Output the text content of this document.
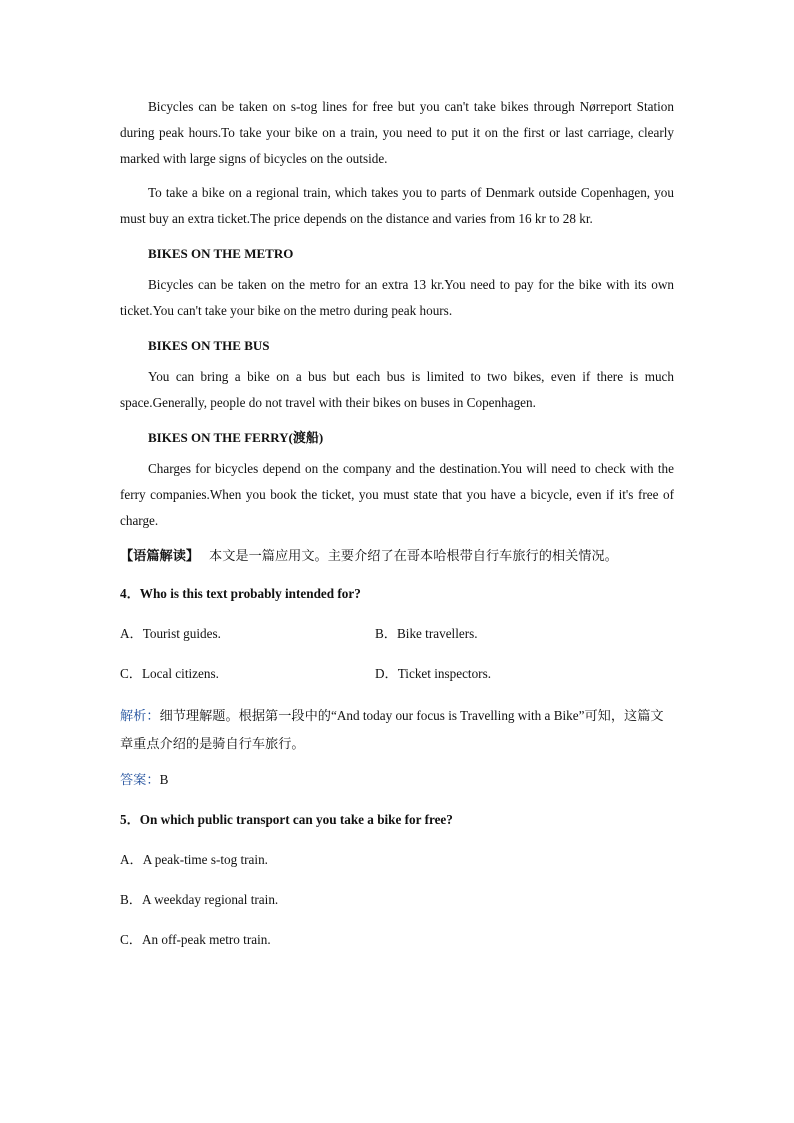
Bicycles can be taken on s-tog lines for free but you can't take bikes through Nørreport Station during peak hours.To take your bike on a train, you need to put it on the first or last carriage, clearly marked with large signs of bicycles on the outside.

To take a bike on a regional train, which takes you to parts of Denmark outside Copenhagen, you must buy an extra ticket.The price depends on the distance and varies from 16 kr to 28 kr.

BIKES ON THE METRO

Bicycles can be taken on the metro for an extra 13 kr.You need to pay for the bike with its own ticket.You can't take your bike on the metro during peak hours.

BIKES ON THE BUS

You can bring a bike on a bus but each bus is limited to two bikes, even if there is much space.Generally, people do not travel with their bikes on buses in Copenhagen.

BIKES ON THE FERRY(渡船)

Charges for bicycles depend on the company and the destination.You will need to check with the ferry companies.When you book the ticket, you must state that you have a bicycle, even if it's free of charge.

【语篇解读】 本文是一篇应用文。主要介绍了在哥本哈根带自行车旅行的相关情况。

4．Who is this text probably intended for?

A．Tourist guides.	B．Bike travellers.
C．Local citizens.	D．Ticket inspectors.

解析：细节理解题。根据第一段中的“And today our focus is Travelling with a Bike”可知，这篇文章重点介绍的是骑自行车旅行。

答案：B

5．On which public transport can you take a bike for free?

A．A peak-time s-tog train.

B．A weekday regional train.

C．An off-peak metro train.
